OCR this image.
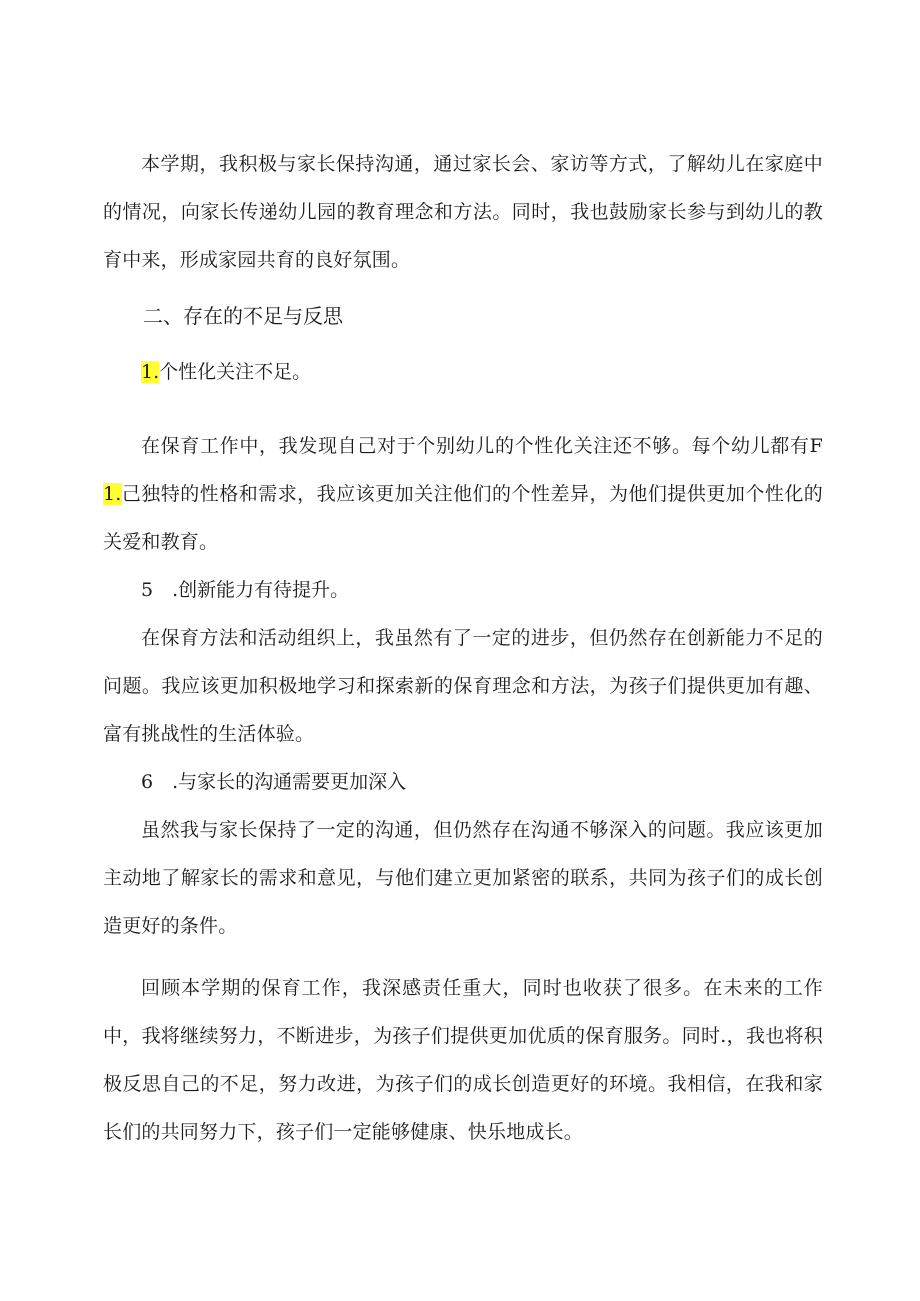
本学期，我积极与家长保持沟通，通过家长会、家访等方式，了解幼儿在家庭中的情况，向家长传递幼儿园的教育理念和方法。同时，我也鼓励家长参与到幼儿的教育中来，形成家园共育的良好氛围。

二、存在的不足与反思

1.个性化关注不足。

在保育工作中，我发现自己对于个别幼儿的个性化关注还不够。每个幼儿都有F1.己独特的性格和需求，我应该更加关注他们的个性差异，为他们提供更加个性化的关爱和教育。

5　.创新能力有待提升。

在保育方法和活动组织上，我虽然有了一定的进步，但仍然存在创新能力不足的问题。我应该更加积极地学习和探索新的保育理念和方法，为孩子们提供更加有趣、富有挑战性的生活体验。

6　.与家长的沟通需要更加深入

虽然我与家长保持了一定的沟通，但仍然存在沟通不够深入的问题。我应该更加主动地了解家长的需求和意见，与他们建立更加紧密的联系，共同为孩子们的成长创造更好的条件。

回顾本学期的保育工作，我深感责任重大，同时也收获了很多。在未来的工作中，我将继续努力，不断进步，为孩子们提供更加优质的保育服务。同时.，我也将积极反思自己的不足，努力改进，为孩子们的成长创造更好的环境。我相信，在我和家长们的共同努力下，孩子们一定能够健康、快乐地成长。
